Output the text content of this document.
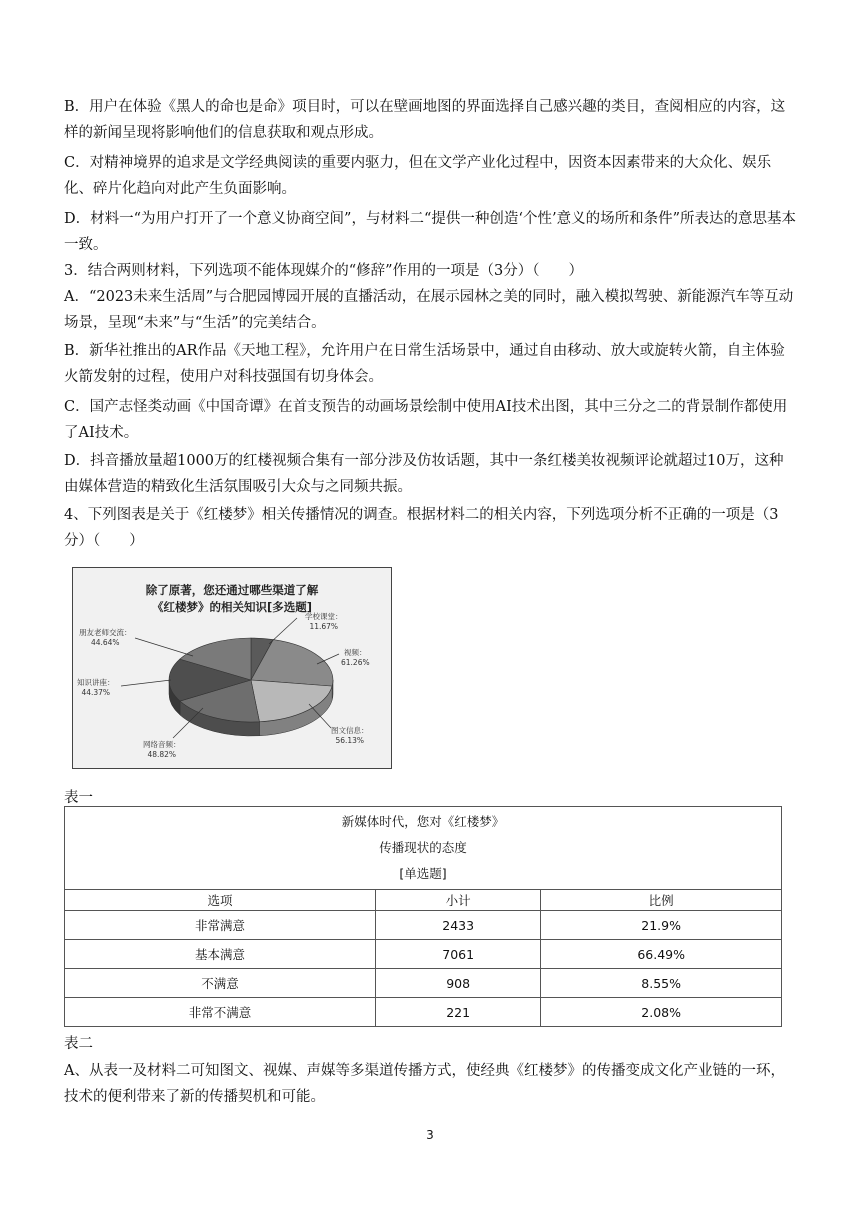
B．用户在体验《黑人的命也是命》项目时，可以在壁画地图的界面选择自己感兴趣的类目，查阅相应的内容，这样的新闻呈现将影响他们的信息获取和观点形成。
C．对精神境界的追求是文学经典阅读的重要内驱力，但在文学产业化过程中，因资本因素带来的大众化、娱乐化、碎片化趋向对此产生负面影响。
D．材料一“为用户打开了一个意义协商空间”，与材料二“提供一种创造‘个性’意义的场所和条件”所表达的意思基本一致。
3．结合两则材料，下列选项不能体现媒介的“修辞”作用的一项是（3分）（　　）
A．“2023未来生活周”与合肥园博园开展的直播活动，在展示园林之美的同时，融入模拟驾驶、新能源汽车等互动场景，呈现“未来”与“生活”的完美结合。
B．新华社推出的AR作品《天地工程》，允许用户在日常生活场景中，通过自由移动、放大或旋转火箭，自主体验火箭发射的过程，使用户对科技强国有切身体会。
C．国产志怪类动画《中国奇谭》在首支预告的动画场景绘制中使用AI技术出图，其中三分之二的背景制作都使用了AI技术。
D．抖音播放量超1000万的红楼视频合集有一部分涉及仿妆话题，其中一条红楼美妆视频评论就超过10万，这种由媒体营造的精致化生活氛围吸引大众与之同频共振。
4、下列图表是关于《红楼梦》相关传播情况的调查。根据材料二的相关内容，下列选项分析不正确的一项是（3分）（　　）
除了原著，您还通过哪些渠道了解
《红楼梦》的相关知识[多选题]
学校课堂：
11.67%
视频：
61.26%
图文信息：
56.13%
网络音频：
48.82%
知识讲座：
44.37%
朋友老师交流：
44.64%
表一
新媒体时代，您对《红楼梦》
传播现状的态度
[单选题]		
选项	小计	比例
非常满意	2433	21.9%
基本满意	7061	66.49%
不满意	908	8.55%
非常不满意	221	2.08%
表二
A、从表一及材料二可知图文、视媒、声媒等多渠道传播方式，使经典《红楼梦》的传播变成文化产业链的一环，技术的便利带来了新的传播契机和可能。
3
